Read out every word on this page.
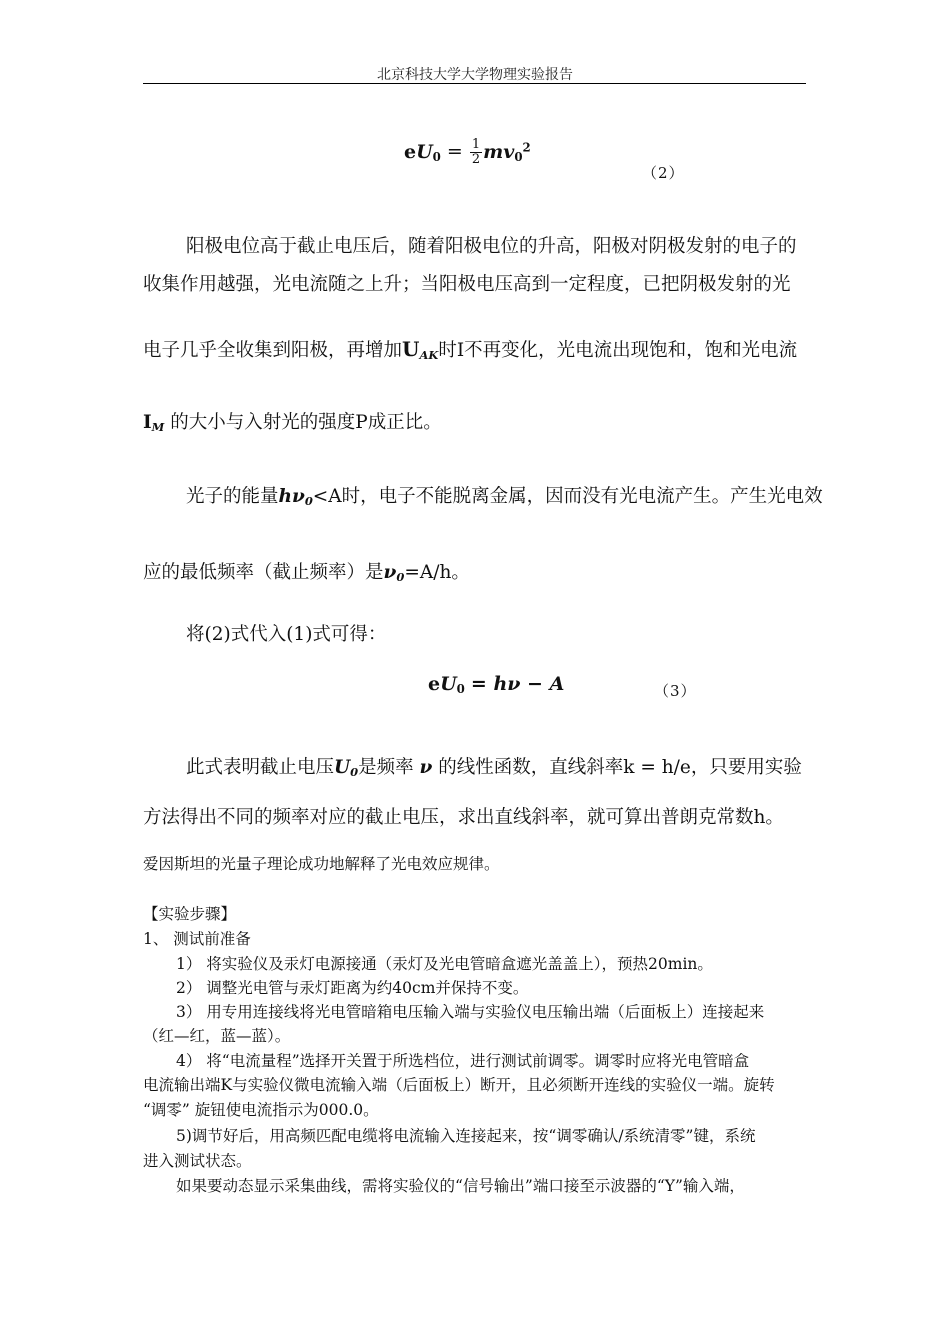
北京科技大学大学物理实验报告
$eU_0 = \frac{1}{2} mv_0^2$
（2）
阳极电位高于截止电压后，随着阳极电位的升高，阳极对阴极发射的电子的
收集作用越强，光电流随之上升；当阳极电压高到一定程度，已把阴极发射的光
电子几乎全收集到阳极，再增加$U_{AK}$时I不再变化，光电流出现饱和，饱和光电流
$I_M$ 的大小与入射光的强度P成正比。
光子的能量$h\nu_0<A$时，电子不能脱离金属，因而没有光电流产生。产生光电效
应的最低频率（截止频率）是$\nu_0=A/h$。
将(2)式代入(1)式可得：
$eU_0 = h\nu - A$	（3）
此式表明截止电压$U_0$是频率 ν 的线性函数，直线斜率k = h/e，只要用实验
方法得出不同的频率对应的截止电压，求出直线斜率，就可算出普朗克常数h。
爱因斯坦的光量子理论成功地解释了光电效应规律。
【实验步骤】
1、 测试前准备
1） 将实验仪及汞灯电源接通（汞灯及光电管暗盒遮光盖盖上），预热20min。
2） 调整光电管与汞灯距离为约40cm并保持不变。
3） 用专用连接线将光电管暗箱电压输入端与实验仪电压输出端（后面板上）连接起来
（红—红，蓝—蓝）。
4） 将“电流量程”选择开关置于所选档位，进行测试前调零。调零时应将光电管暗盒
电流输出端K与实验仪微电流输入端（后面板上）断开，且必须断开连线的实验仪一端。旋转
“调零” 旋钮使电流指示为000.0。
5)调节好后，用高频匹配电缆将电流输入连接起来，按“调零确认/系统清零”键，系统
进入测试状态。
如果要动态显示采集曲线，需将实验仪的“信号输出”端口接至示波器的“Y”输入端，
